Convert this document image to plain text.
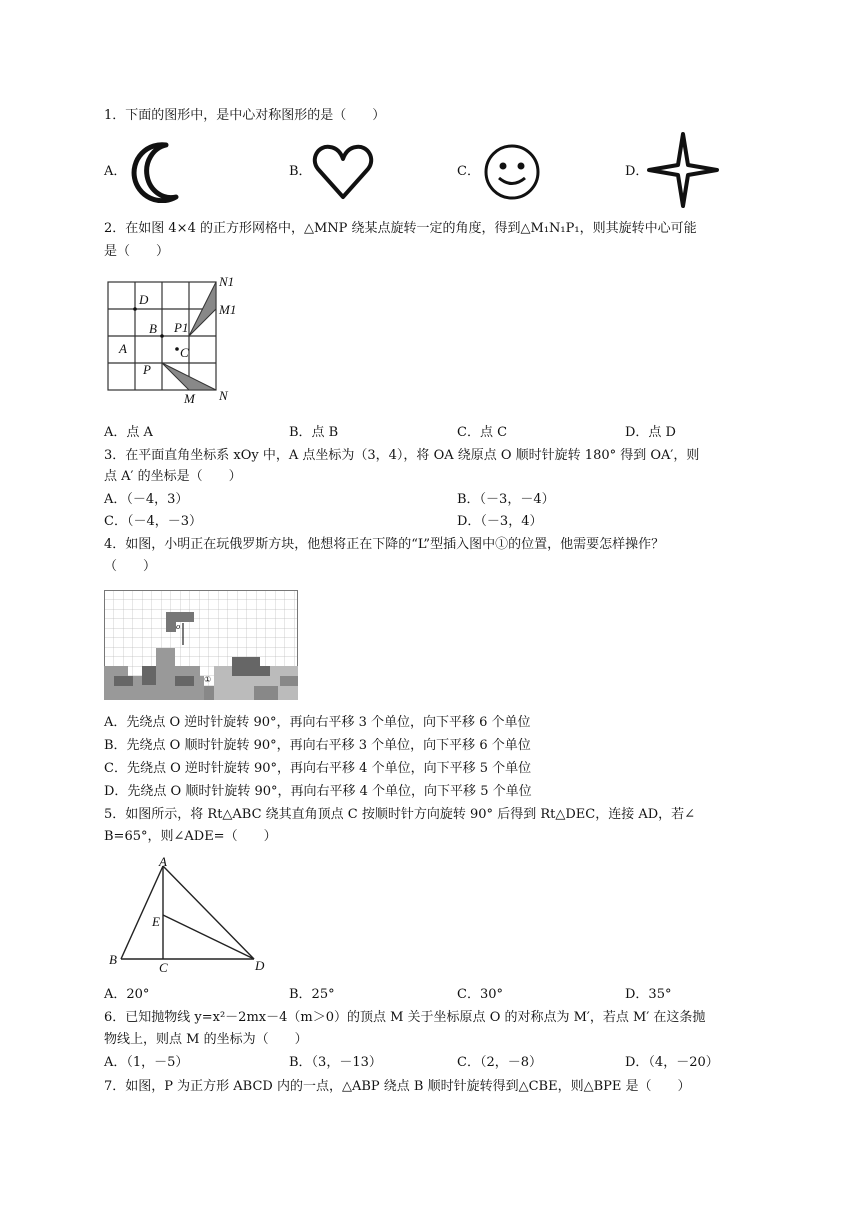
1．下面的图形中，是中心对称图形的是（　　）
A．	B．	C．	D．
2．在如图 4×4 的正方形网格中，△MNP 绕某点旋转一定的角度，得到△M₁N₁P₁，则其旋转中心可能
是（　　）
D
B
A	C
P
M N
N1
M1
P1
A．点 A	B．点 B	C．点 C	D．点 D
3．在平面直角坐标系 xOy 中，A 点坐标为（3，4），将 OA 绕原点 O 顺时针旋转 180° 得到 OA′，则
点 A′ 的坐标是（　　）
A．（－4，3）	B．（－3，－4）
C．（－4，－3）	D．（－3，4）
4．如图，小明正在玩俄罗斯方块，他想将正在下降的“L”型插入图中①的位置，他需要怎样操作？
（　　）
o
①
A．先绕点 O 逆时针旋转 90°，再向右平移 3 个单位，向下平移 6 个单位
B．先绕点 O 顺时针旋转 90°，再向右平移 3 个单位，向下平移 6 个单位
C．先绕点 O 逆时针旋转 90°，再向右平移 4 个单位，向下平移 5 个单位
D．先绕点 O 顺时针旋转 90°，再向右平移 4 个单位，向下平移 5 个单位
5．如图所示，将 Rt△ABC 绕其直角顶点 C 按顺时针方向旋转 90° 后得到 Rt△DEC，连接 AD，若∠
B=65°，则∠ADE=（　　）
A
E
B
C	D
A．20°	B．25°	C．30°	D．35°
6．已知抛物线 y=x²－2mx－4（m＞0）的顶点 M 关于坐标原点 O 的对称点为 M′，若点 M′ 在这条抛
物线上，则点 M 的坐标为（　　）
A．（1，－5）	B．（3，－13）	C．（2，－8）	D．（4，－20）
7．如图，P 为正方形 ABCD 内的一点，△ABP 绕点 B 顺时针旋转得到△CBE，则△BPE 是（　　）
